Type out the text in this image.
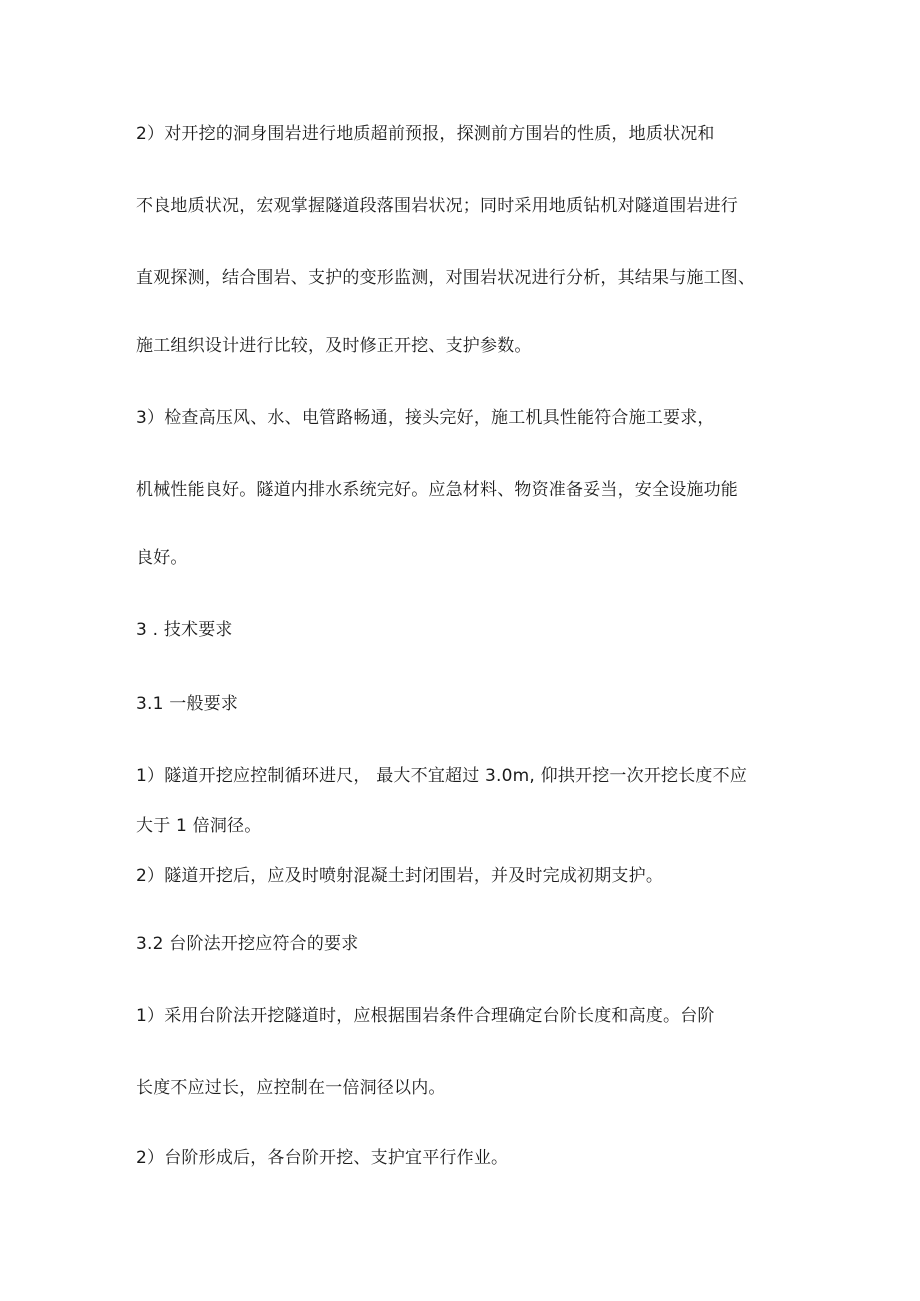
2）对开挖的洞身围岩进行地质超前预报，探测前方围岩的性质，地质状况和
不良地质状况，宏观掌握隧道段落围岩状况；同时采用地质钻机对隧道围岩进行
直观探测，结合围岩、支护的变形监测，对围岩状况进行分析，其结果与施工图、
施工组织设计进行比较，及时修正开挖、支护参数。
3）检查高压风、水、电管路畅通，接头完好，施工机具性能符合施工要求，
机械性能良好。隧道内排水系统完好。应急材料、物资准备妥当，安全设施功能
良好。
3 . 技术要求
3.1 一般要求
1）隧道开挖应控制循环进尺， 最大不宜超过 3.0m, 仰拱开挖一次开挖长度不应
大于 1 倍洞径。
2）隧道开挖后，应及时喷射混凝土封闭围岩，并及时完成初期支护。
3.2 台阶法开挖应符合的要求
1）采用台阶法开挖隧道时，应根据围岩条件合理确定台阶长度和高度。台阶
长度不应过长，应控制在一倍洞径以内。
2）台阶形成后，各台阶开挖、支护宜平行作业。
